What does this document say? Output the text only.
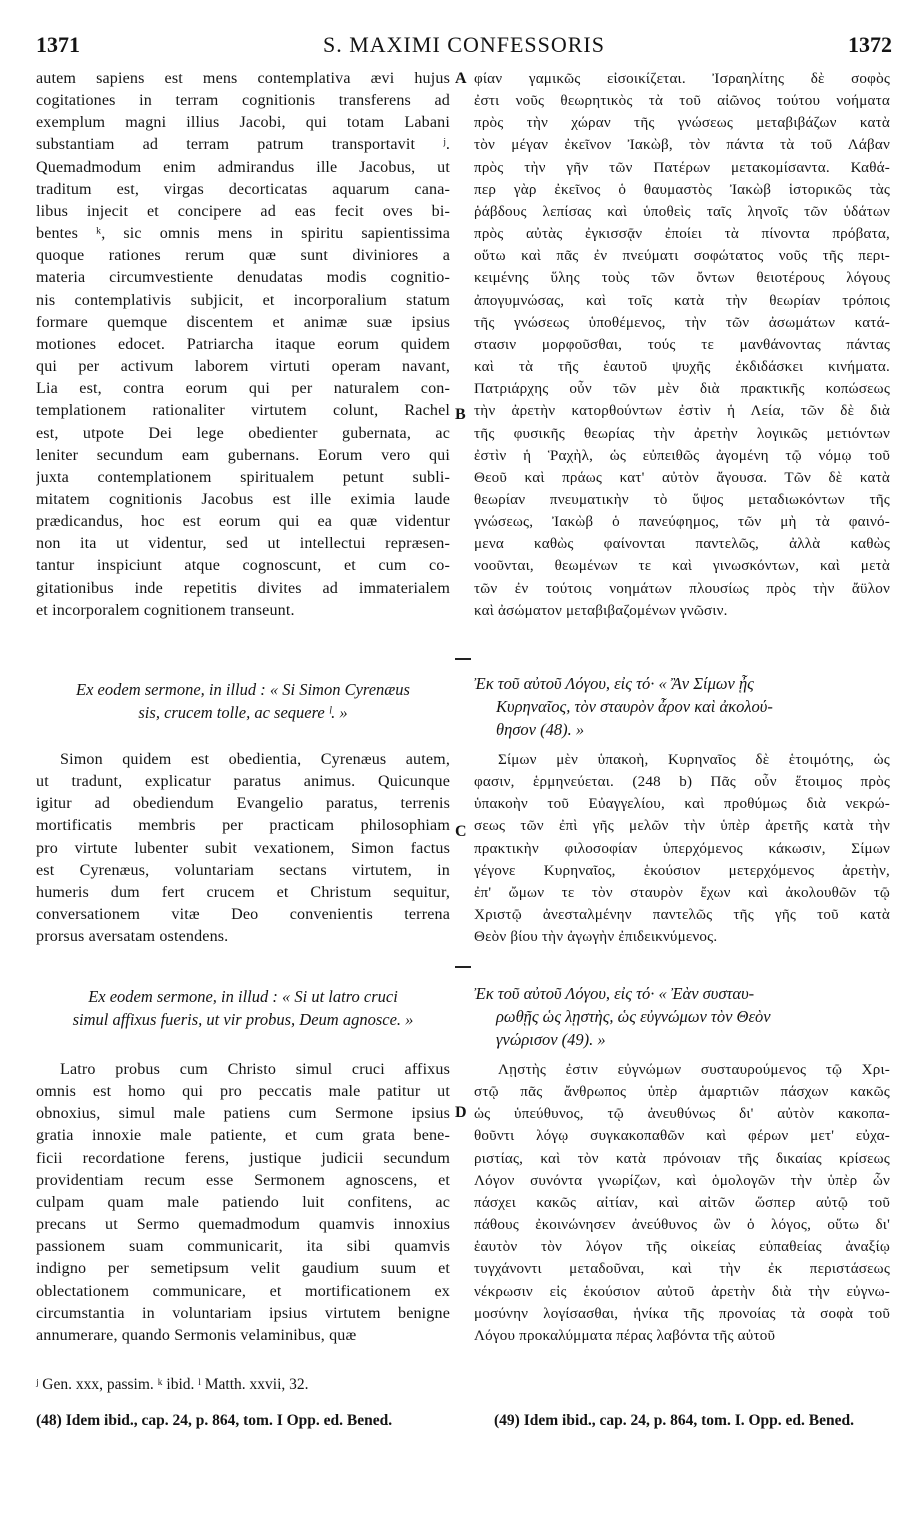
1371	S. MAXIMI CONFESSORIS	1372
A
B
C
D

autem sapiens est mens contemplativa ævi hujus

cogitationes in terram cognitionis transferens ad

exemplum magni illius Jacobi, qui totam Labani

substantiam ad terram patrum transportavit ʲ.

Quemadmodum enim admirandus ille Jacobus, ut

traditum est, virgas decorticatas aquarum cana-

libus injecit et concipere ad eas fecit oves bi-

bentes ᵏ, sic omnis mens in spiritu sapientissima

quoque rationes rerum quæ sunt diviniores a

materia circumvestiente denudatas modis cognitio-

nis contemplativis subjicit, et incorporalium statum

formare quemque discentem et animæ suæ ipsius

motiones edocet. Patriarcha itaque eorum quidem

qui per activum laborem virtuti operam navant,

Lia est, contra eorum qui per naturalem con-

templationem rationaliter virtutem colunt, Rachel

est, utpote Dei lege obedienter gubernata, ac

leniter secundum eam gubernans. Eorum vero qui

juxta contemplationem spiritualem petunt subli-

mitatem cognitionis Jacobus est ille eximia laude

prædicandus, hoc est eorum qui ea quæ videntur

non ita ut videntur, sed ut intellectui repræsen-

tantur inspiciunt atque cognoscunt, et cum co-

gitationibus inde repetitis divites ad immaterialem

et incorporalem cognitionem transeunt.

Ex eodem sermone, in illud : « Si Simon Cyrenæus

sis, crucem tolle, ac sequere ˡ. »

Simon quidem est obedientia, Cyrenæus autem,

ut tradunt, explicatur paratus animus. Quicunque

igitur ad obediendum Evangelio paratus, terrenis

mortificatis membris per practicam philosophiam

pro virtute lubenter subit vexationem, Simon factus

est Cyrenæus, voluntariam sectans virtutem, in

humeris dum fert crucem et Christum sequitur,

conversationem vitæ Deo convenientis terrena

prorsus aversatam ostendens.

Ex eodem sermone, in illud : « Si ut latro cruci

simul affixus fueris, ut vir probus, Deum agnosce. »

Latro probus cum Christo simul cruci affixus

omnis est homo qui pro peccatis male patitur ut

obnoxius, simul male patiens cum Sermone ipsius

gratia innoxie male patiente, et cum grata bene-

ficii recordatione ferens, justique judicii secundum

providentiam recum esse Sermonem agnoscens, et

culpam quam male patiendo luit confitens, ac

precans ut Sermo quemadmodum quamvis innoxius

passionem suam communicarit, ita sibi quamvis

indigno per semetipsum velit gaudium suum et

oblectationem communicare, et mortificationem ex

circumstantia in voluntariam ipsius virtutem benigne

annumerare, quando Sermonis velaminibus, quæ

ʲ Gen. xxx, passim. ᵏ ibid. ˡ Matth. xxvii, 32.
(48) Idem ibid., cap. 24, p. 864, tom. I Opp. ed. Bened.

φίαν γαμικῶς εἰσοικίζεται. Ἰσραηλίτης δὲ σοφὸς

ἐστι νοῦς θεωρητικὸς τὰ τοῦ αἰῶνος τούτου νοήματα

πρὸς τὴν χώραν τῆς γνώσεως μεταβιβάζων κατὰ

τὸν μέγαν ἐκεῖνον Ἰακὼβ, τὸν πάντα τὰ τοῦ Λάβαν

πρὸς τὴν γῆν τῶν Πατέρων μετακομίσαντα. Καθά-

περ γὰρ ἐκεῖνος ὁ θαυμαστὸς Ἰακὼβ ἱστορικῶς τὰς

ῥάβδους λεπίσας καὶ ὑποθεὶς ταῖς ληνοῖς τῶν ὑδάτων

πρὸς αὐτὰς ἐγκισσᾷν ἐποίει τὰ πίνοντα πρόβατα,

οὕτω καὶ πᾶς ἐν πνεύματι σοφώτατος νοῦς τῆς περι-

κειμένης ὕλης τοὺς τῶν ὄντων θειοτέρους λόγους

ἀπογυμνώσας, καὶ τοῖς κατὰ τὴν θεωρίαν τρόποις

τῆς γνώσεως ὑποθέμενος, τὴν τῶν ἀσωμάτων κατά-

στασιν μορφοῦσθαι, τούς τε μανθάνοντας πάντας

καὶ τὰ τῆς ἑαυτοῦ ψυχῆς ἐκδιδάσκει κινήματα.

Πατριάρχης οὖν τῶν μὲν διὰ πρακτικῆς κοπώσεως

τὴν ἀρετὴν κατορθούντων ἐστὶν ἡ Λεία, τῶν δὲ διὰ

τῆς φυσικῆς θεωρίας τὴν ἀρετὴν λογικῶς μετιόντων

ἐστὶν ἡ Ῥαχὴλ, ὡς εὐπειθῶς ἀγομένη τῷ νόμῳ τοῦ

Θεοῦ καὶ πράως κατ' αὐτὸν ἄγουσα. Τῶν δὲ κατὰ

θεωρίαν πνευματικὴν τὸ ὕψος μεταδιωκόντων τῆς

γνώσεως, Ἰακὼβ ὁ πανεύφημος, τῶν μὴ τὰ φαινό-

μενα καθὼς φαίνονται παντελῶς, ἀλλὰ καθὼς

νοοῦνται, θεωμένων τε καὶ γινωσκόντων, καὶ μετὰ

τῶν ἐν τούτοις νοημάτων πλουσίως πρὸς τὴν ἄϋλον

καὶ ἀσώματον μεταβιβαζομένων γνῶσιν.

Ἐκ τοῦ αὐτοῦ Λόγου, εἰς τό· « Ἂν Σίμων ᾖς

Κυρηναῖος, τὸν σταυρὸν ἆρον καὶ ἀκολού-

θησον (48). »

Σίμων μὲν ὑπακοὴ, Κυρηναῖος δὲ ἑτοιμότης, ὡς

φασιν, ἑρμηνεύεται. (248 b) Πᾶς οὖν ἕτοιμος πρὸς

ὑπακοὴν τοῦ Εὐαγγελίου, καὶ προθύμως διὰ νεκρώ-

σεως τῶν ἐπὶ γῆς μελῶν τὴν ὑπὲρ ἀρετῆς κατὰ τὴν

πρακτικὴν φιλοσοφίαν ὑπερχόμενος κάκωσιν, Σίμων

γέγονε Κυρηναῖος, ἑκούσιον μετερχόμενος ἀρετὴν,

ἐπ' ὤμων τε τὸν σταυρὸν ἔχων καὶ ἀκολουθῶν τῷ

Χριστῷ ἀνεσταλμένην παντελῶς τῆς γῆς τοῦ κατὰ

Θεὸν βίου τὴν ἀγωγὴν ἐπιδεικνύμενος.

Ἐκ τοῦ αὐτοῦ Λόγου, εἰς τό· « Ἐὰν συσταυ-

ρωθῇς ὡς λῃστὴς, ὡς εὐγνώμων τὸν Θεὸν

γνώρισον (49). »

Λῃστὴς ἐστιν εὐγνώμων συσταυρούμενος τῷ Χρι-

στῷ πᾶς ἄνθρωπος ὑπὲρ ἁμαρτιῶν πάσχων κακῶς

ὡς ὑπεύθυνος, τῷ ἀνευθύνως δι' αὐτὸν κακοπα-

θοῦντι λόγῳ συγκακοπαθῶν καὶ φέρων μετ' εὐχα-

ριστίας, καὶ τὸν κατὰ πρόνοιαν τῆς δικαίας κρίσεως

Λόγον συνόντα γνωρίζων, καὶ ὁμολογῶν τὴν ὑπὲρ ὧν

πάσχει κακῶς αἰτίαν, καὶ αἰτῶν ὥσπερ αὐτῷ τοῦ

πάθους ἐκοινώνησεν ἀνεύθυνος ὢν ὁ λόγος, οὕτω δι'

ἑαυτὸν τὸν λόγον τῆς οἰκείας εὐπαθείας ἀναξίῳ

τυγχάνοντι μεταδοῦναι, καὶ τὴν ἐκ περιστάσεως

νέκρωσιν εἰς ἑκούσιον αὐτοῦ ἀρετὴν διὰ τὴν εὐγνω-

μοσύνην λογίσασθαι, ἡνίκα τῆς προνοίας τὰ σοφὰ τοῦ

Λόγου προκαλύμματα πέρας λαβόντα τῆς αὐτοῦ

(49) Idem ibid., cap. 24, p. 864, tom. I. Opp. ed. Bened.
